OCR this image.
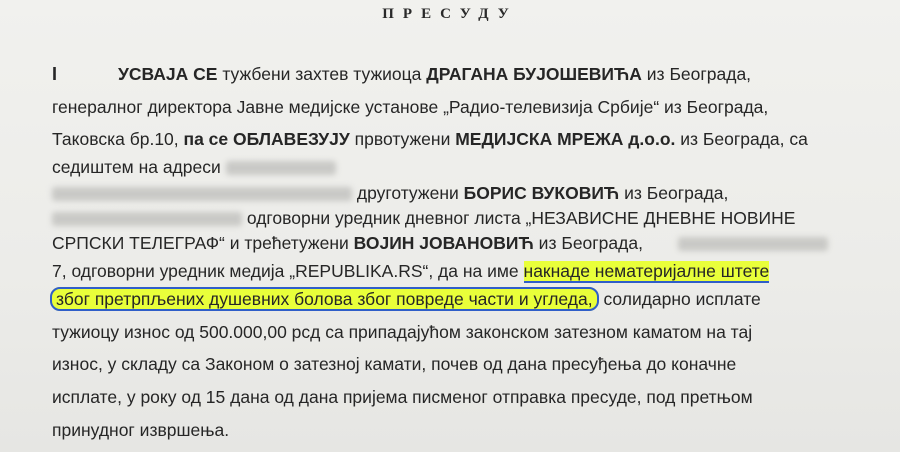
ПРЕСУДУ

I	УСВАЈА СЕ тужбени захтев тужиоца ДРАГАНА БУЈОШЕВИЋА из Београда,
генералног директора Јавне медијске установе „Радио-телевизија Србије“ из Београда,
Таковска бр.10, па се ОБЛАВЕЗУЈУ првотужени МЕДИЈСКА МРЕЖА д.о.о. из Београда, са
седиштем на адреси
друготужени БОРИС ВУКОВИЋ из Београда,
одговорни уредник дневног листа „НЕЗАВИСНЕ ДНЕВНЕ НОВИНЕ
СРПСКИ ТЕЛЕГРАФ“ и трећетужени ВОЈИН ЈОВАНОВИЋ из Београда,
7, одговорни уредник медија „REPUBLIKA.RS“, да на име накнаде нематеријалне штете
због претрпљених душевних болова због повреде части и угледа, солидарно исплате
тужиоцу износ од 500.000,00 рсд са припадајућом законском затезном каматом на тај
износ, у складу са Законом о затезној камати, почев од дана пресуђења до коначне
исплате, у року од 15 дана од дана пријема писменог отправка пресуде, под претњом
принудног извршења.
